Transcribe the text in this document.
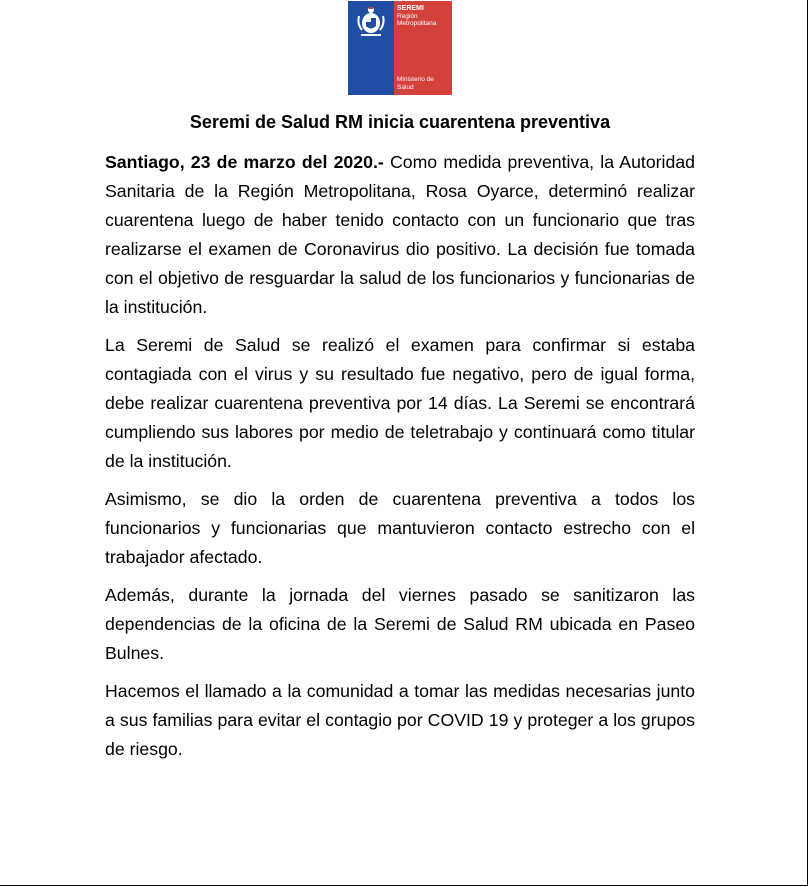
SEREMI
Región Metropolitana
Ministerio de
Salud
Seremi de Salud RM inicia cuarentena preventiva

Santiago, 23 de marzo del 2020.- Como medida preventiva, la Autoridad Sanitaria de la Región Metropolitana, Rosa Oyarce, determinó realizar cuarentena luego de haber tenido contacto con un funcionario que tras realizarse el examen de Coronavirus dio positivo. La decisión fue tomada con el objetivo de resguardar la salud de los funcionarios y funcionarias de la institución.

La Seremi de Salud se realizó el examen para confirmar si estaba contagiada con el virus y su resultado fue negativo, pero de igual forma, debe realizar cuarentena preventiva por 14 días. La Seremi se encontrará cumpliendo sus labores por medio de teletrabajo y continuará como titular de la institución.

Asimismo, se dio la orden de cuarentena preventiva a todos los funcionarios y funcionarias que mantuvieron contacto estrecho con el trabajador afectado.

Además, durante la jornada del viernes pasado se sanitizaron las dependencias de la oficina de la Seremi de Salud RM ubicada en Paseo Bulnes.

Hacemos el llamado a la comunidad a tomar las medidas necesarias junto a sus familias para evitar el contagio por COVID 19 y proteger a los grupos de riesgo.
